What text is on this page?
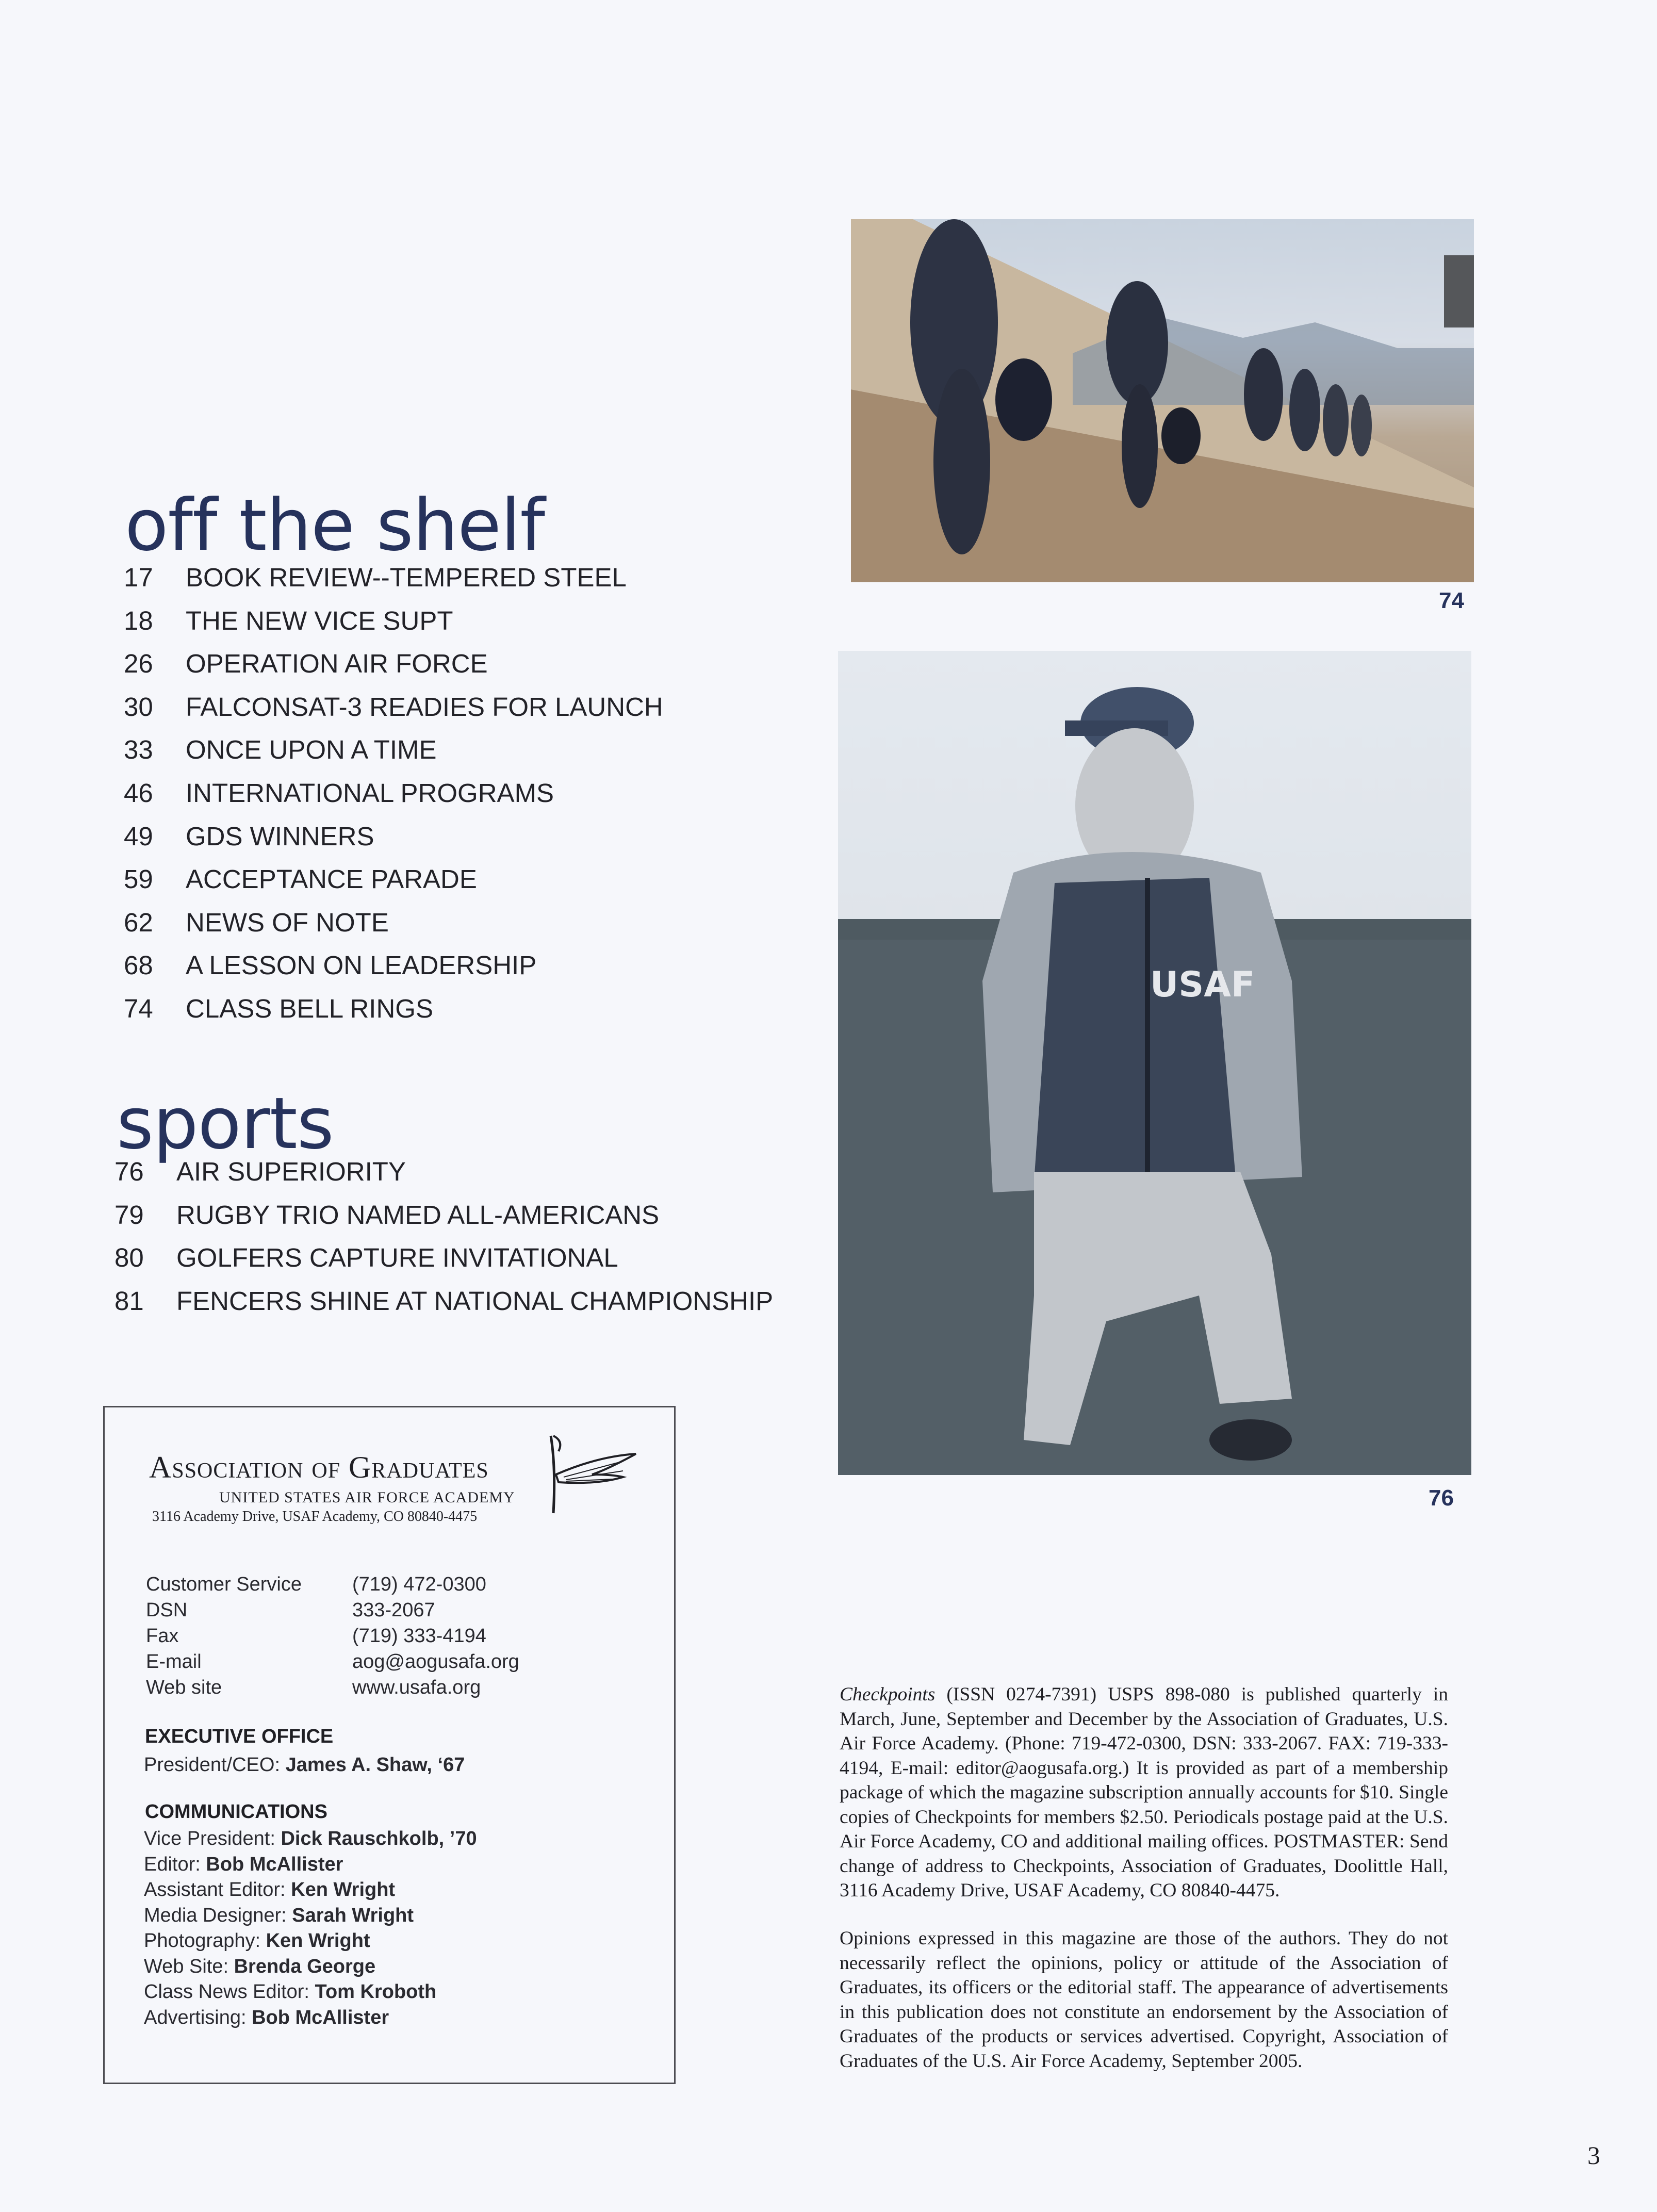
off the shelf
17	BOOK REVIEW--TEMPERED STEEL
18	THE NEW VICE SUPT
26	OPERATION AIR FORCE
30	FALCONSAT-3 READIES FOR LAUNCH
33	ONCE UPON A TIME
46	INTERNATIONAL PROGRAMS
49	GDS WINNERS
59	ACCEPTANCE PARADE
62	NEWS OF NOTE
68	A LESSON ON LEADERSHIP
74	CLASS BELL RINGS
sports
76	AIR SUPERIORITY
79	RUGBY TRIO NAMED ALL-AMERICANS
80	GOLFERS CAPTURE INVITATIONAL
81	FENCERS SHINE AT NATIONAL CHAMPIONSHIP
74
USAF
76
Association of Graduates
UNITED STATES AIR FORCE ACADEMY
3116 Academy Drive, USAF Academy, CO 80840-4475
Customer Service	(719) 472-0300
DSN	333-2067
Fax	(719) 333-4194
E-mail	aog@aogusafa.org
Web site	www.usafa.org
EXECUTIVE OFFICE
President/CEO: James A. Shaw, ‘67
COMMUNICATIONS
Vice President: Dick Rauschkolb, ’70
Editor: Bob McAllister
Assistant Editor: Ken Wright
Media Designer: Sarah Wright
Photography: Ken Wright
Web Site: Brenda George
Class News Editor: Tom Kroboth
Advertising: Bob McAllister

Checkpoints (ISSN 0274-7391) USPS 898-080 is published quarterly in March, June, September and December by the Association of Graduates, U.S. Air Force Academy. (Phone: 719-472-0300, DSN: 333-2067. FAX: 719-333-4194, E-mail: editor@aogusafa.org.) It is provided as part of a membership package of which the magazine subscription annually accounts for $10. Single copies of Checkpoints for members $2.50. Periodicals postage paid at the U.S. Air Force Academy, CO and additional mailing offices. POSTMASTER: Send change of address to Checkpoints, Association of Graduates, Doolittle Hall, 3116 Academy Drive, USAF Academy, CO 80840-4475.

Opinions expressed in this magazine are those of the authors. They do not necessarily reflect the opinions, policy or attitude of the Association of Graduates, its officers or the editorial staff. The appearance of advertisements in this publication does not constitute an endorsement by the Association of Graduates of the products or services advertised. Copyright, Association of Graduates of the U.S. Air Force Academy, September 2005.

3
